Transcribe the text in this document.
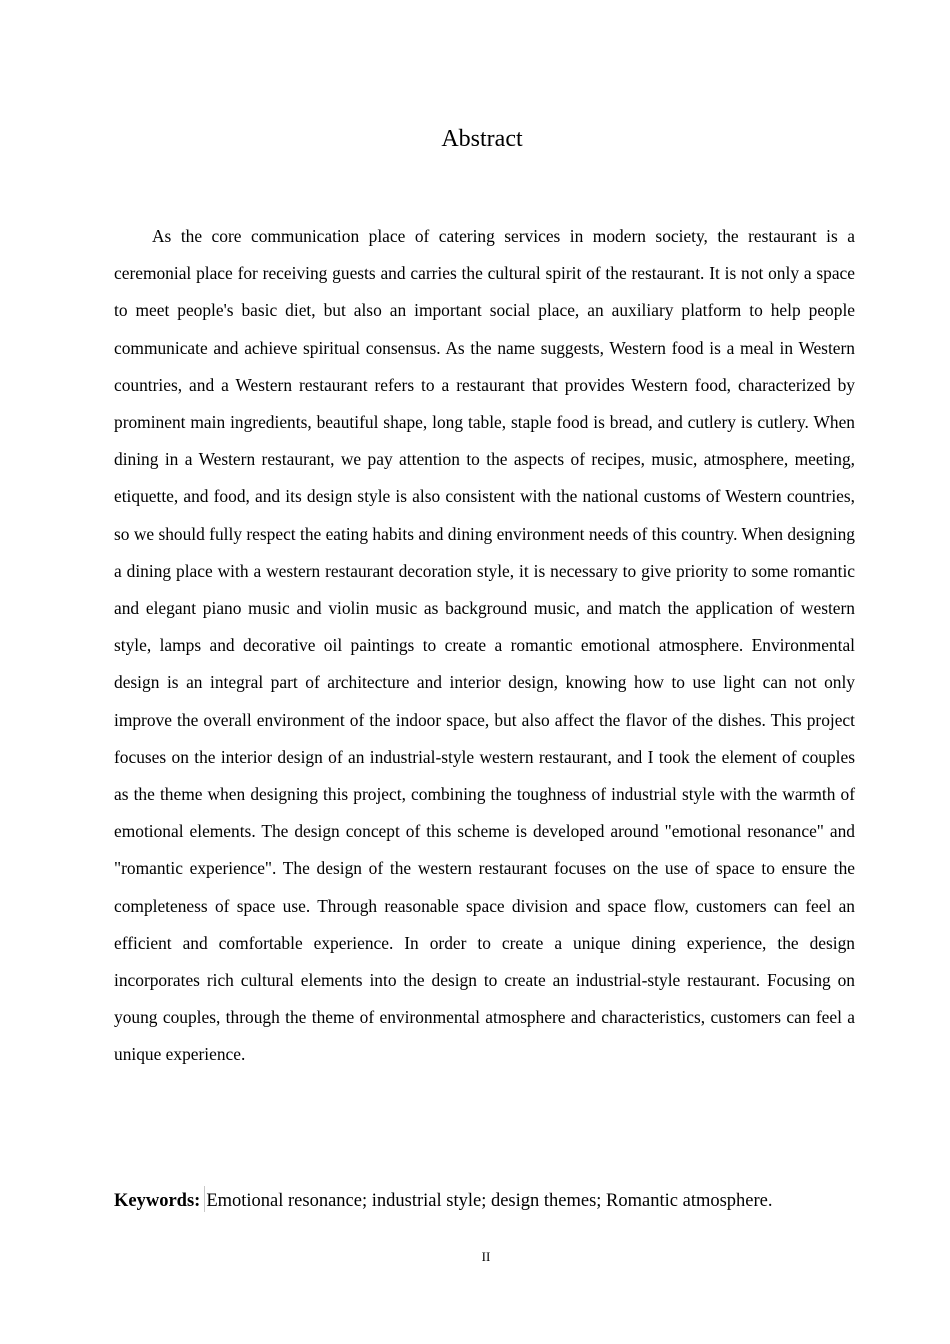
Abstract

As the core communication place of catering services in modern society, the restaurant is a ceremonial place for receiving guests and carries the cultural spirit of the restaurant. It is not only a space to meet people's basic diet, but also an important social place, an auxiliary platform to help people communicate and achieve spiritual consensus. As the name suggests, Western food is a meal in Western countries, and a Western restaurant refers to a restaurant that provides Western food, characterized by prominent main ingredients, beautiful shape, long table, staple food is bread, and cutlery is cutlery. When dining in a Western restaurant, we pay attention to the aspects of recipes, music, atmosphere, meeting, etiquette, and food, and its design style is also consistent with the national customs of Western countries, so we should fully respect the eating habits and dining environment needs of this country. When designing a dining place with a western restaurant decoration style, it is necessary to give priority to some romantic and elegant piano music and violin music as background music, and match the application of western style, lamps and decorative oil paintings to create a romantic emotional atmosphere. Environmental design is an integral part of architecture and interior design, knowing how to use light can not only improve the overall environment of the indoor space, but also affect the flavor of the dishes. This project focuses on the interior design of an industrial-style western restaurant, and I took the element of couples as the theme when designing this project, combining the toughness of industrial style with the warmth of emotional elements. The design concept of this scheme is developed around "emotional resonance" and "romantic experience". The design of the western restaurant focuses on the use of space to ensure the completeness of space use. Through reasonable space division and space flow, customers can feel an efficient and comfortable experience. In order to create a unique dining experience, the design incorporates rich cultural elements into the design to create an industrial-style restaurant. Focusing on young couples, through the theme of environmental atmosphere and characteristics, customers can feel a unique experience.

Keywords: Emotional resonance; industrial style; design themes; Romantic atmosphere.

II
